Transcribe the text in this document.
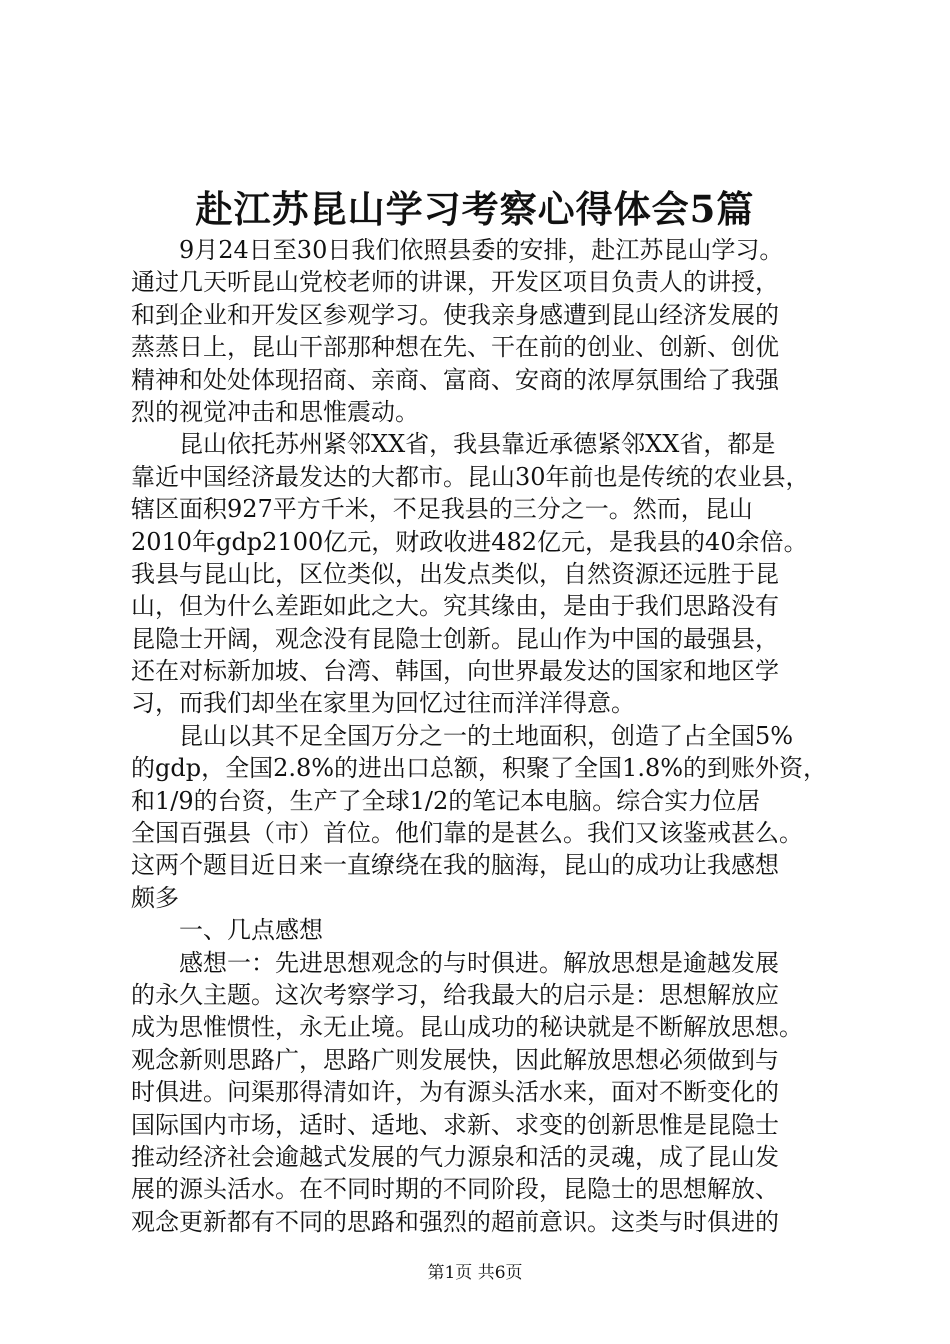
赴江苏昆山学习考察心得体会5篇
9月24日至30日我们依照县委的安排，赴江苏昆山学习。
通过几天听昆山党校老师的讲课，开发区项目负责人的讲授，
和到企业和开发区参观学习。使我亲身感遭到昆山经济发展的
蒸蒸日上，昆山干部那种想在先、干在前的创业、创新、创优
精神和处处体现招商、亲商、富商、安商的浓厚氛围给了我强
烈的视觉冲击和思惟震动。
昆山依托苏州紧邻XX省，我县靠近承德紧邻XX省，都是
靠近中国经济最发达的大都市。昆山30年前也是传统的农业县，
辖区面积927平方千米，不足我县的三分之一。然而，昆山
2010年gdp2100亿元，财政收进482亿元，是我县的40余倍。
我县与昆山比，区位类似，出发点类似，自然资源还远胜于昆
山，但为什么差距如此之大。究其缘由，是由于我们思路没有
昆隐士开阔，观念没有昆隐士创新。昆山作为中国的最强县，
还在对标新加坡、台湾、韩国，向世界最发达的国家和地区学
习，而我们却坐在家里为回忆过往而洋洋得意。
昆山以其不足全国万分之一的土地面积，创造了占全国5%
的gdp，全国2.8%的进出口总额，积聚了全国1.8%的到账外资，
和1/9的台资，生产了全球1/2的笔记本电脑。综合实力位居
全国百强县（市）首位。他们靠的是甚么。我们又该鉴戒甚么。
这两个题目近日来一直缭绕在我的脑海，昆山的成功让我感想
颇多
一、几点感想
感想一：先进思想观念的与时俱进。解放思想是逾越发展
的永久主题。这次考察学习，给我最大的启示是：思想解放应
成为思惟惯性，永无止境。昆山成功的秘诀就是不断解放思想。
观念新则思路广，思路广则发展快，因此解放思想必须做到与
时俱进。问渠那得清如许，为有源头活水来，面对不断变化的
国际国内市场，适时、适地、求新、求变的创新思惟是昆隐士
推动经济社会逾越式发展的气力源泉和活的灵魂，成了昆山发
展的源头活水。在不同时期的不同阶段，昆隐士的思想解放、
观念更新都有不同的思路和强烈的超前意识。这类与时俱进的
第1页 共6页
